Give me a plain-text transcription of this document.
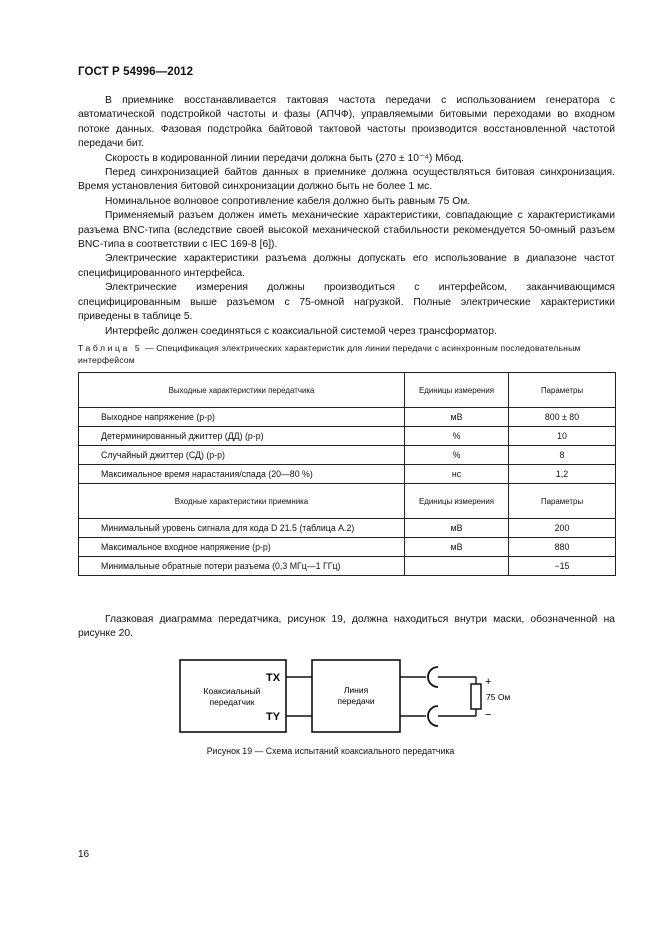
ГОСТ Р 54996—2012

В приемнике восстанавливается тактовая частота передачи с использованием генератора с автоматической подстройкой частоты и фазы (АПЧФ), управляемыми битовыми переходами во входном потоке данных. Фазовая подстройка байтовой тактовой частоты производится восстановленной частотой передачи бит.

Скорость в кодированной линии передачи должна быть (270 ± 10⁻⁴) Мбод.

Перед синхронизацией байтов данных в приемнике должна осуществляться битовая синхронизация. Время установления битовой синхронизации должно быть не более 1 мс.

Номинальное волновое сопротивление кабеля должно быть равным 75 Ом.

Применяемый разъем должен иметь механические характеристики, совпадающие с характеристиками разъема BNC-типа (вследствие своей высокой механической стабильности рекомендуется 50-омный разъем BNC-типа в соответствии с IEC 169-8 [6]).

Электрические характеристики разъема должны допускать его использование в диапазоне частот специфицированного интерфейса.

Электрические измерения должны производиться с интерфейсом, заканчивающимся специфицированным выше разъемом с 75-омной нагрузкой. Полные электрические характеристики приведены в таблице 5.

Интерфейс должен соединяться с коаксиальной системой через трансформатор.

Таблица 5 — Спецификация электрических характеристик для линии передачи с асинхронным последовательным интерфейсом
Выходные характеристики передатчика	Единицы измерения	Параметры
Выходное напряжение (р-р)	мВ	800 ± 80
Детерминированный джиттер (ДД) (р-р)	%	10
Случайный джиттер (СД) (р-р)	%	8
Максимальное время нарастания/спада (20—80 %)	нс	1,2
Входные характеристики приемника	Единицы измерения	Параметры
Минимальный уровень сигнала для кода D 21.5 (таблица А.2)	мВ	200
Максимальное входное напряжение (р-р)	мВ	880
Минимальные обратные потери разъема (0,3 МГц—1 ГГц)		−15

Глазковая диаграмма передатчика, рисунок 19, должна находиться внутри маски, обозначенной на рисунке 20.

Коаксиальный
передатчик
TX
TY
Линия
передачи
+
75 Ом
−
Рисунок 19 — Схема испытаний коаксиального передатчика
16
